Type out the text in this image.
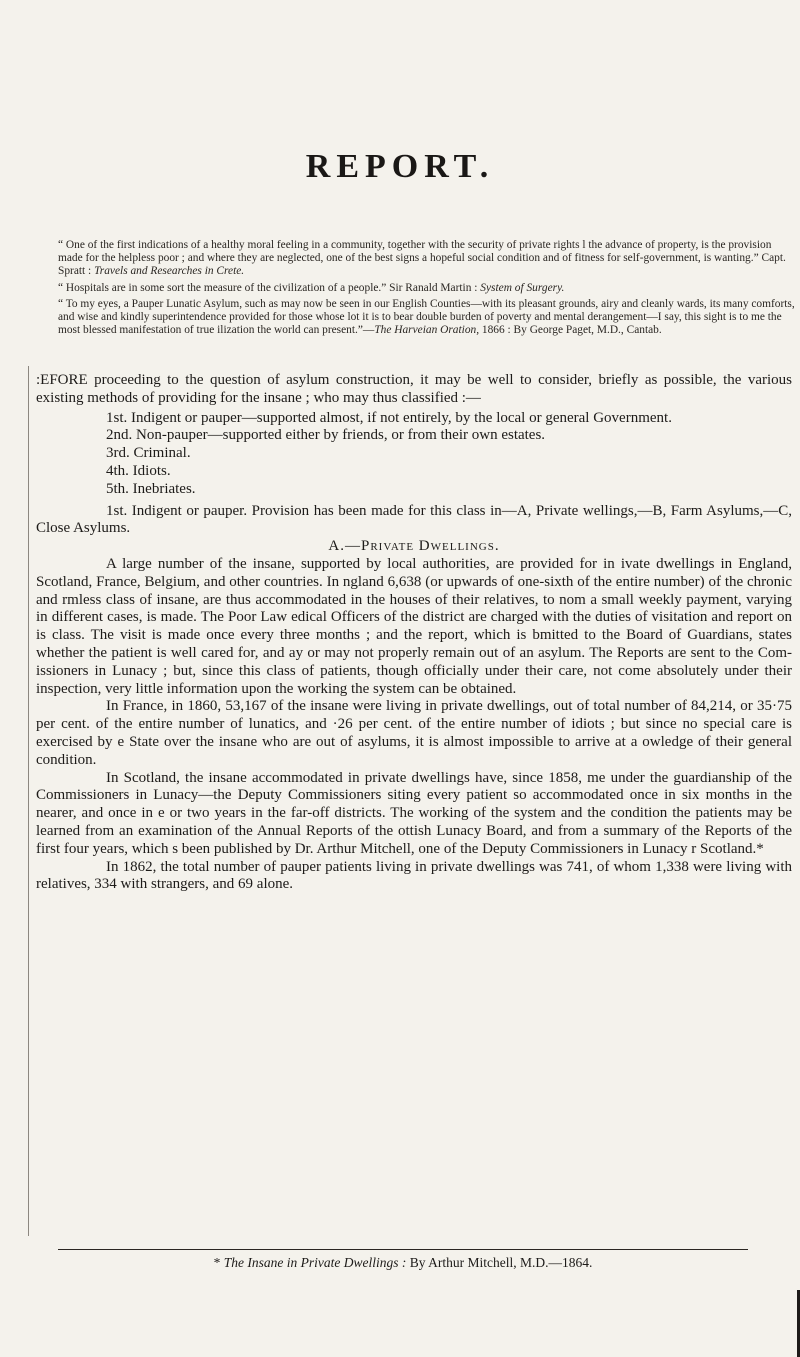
REPORT.

“ One of the first indications of a healthy moral feeling in a community, together with the security of private rights l the advance of property, is the provision made for the helpless poor ; and where they are neglected, one of the best signs a hopeful social condition and of fitness for self-government, is wanting.” Capt. Spratt : Travels and Researches in Crete.

“ Hospitals are in some sort the measure of the civilization of a people.” Sir Ranald Martin : System of Surgery.

“ To my eyes, a Pauper Lunatic Asylum, such as may now be seen in our English Counties—with its pleasant grounds, airy and cleanly wards, its many comforts, and wise and kindly superintendence provided for those whose lot it is to bear double burden of poverty and mental derangement—I say, this sight is to me the most blessed manifestation of true ilization the world can present.”—The Harveian Oration, 1866 : By George Paget, M.D., Cantab.

:EFORE proceeding to the question of asylum construction, it may be well to consider, briefly as possible, the various existing methods of providing for the insane ; who may thus classified :—

1st. Indigent or pauper—supported almost, if not entirely, by the local or general Government.
2nd. Non-pauper—supported either by friends, or from their own estates.
3rd. Criminal.
4th. Idiots.
5th. Inebriates.

1st. Indigent or pauper. Provision has been made for this class in—A, Private wellings,—B, Farm Asylums,—C, Close Asylums.

A.—Private Dwellings.

A large number of the insane, supported by local authorities, are provided for in ivate dwellings in England, Scotland, France, Belgium, and other countries. In ngland 6,638 (or upwards of one-sixth of the entire number) of the chronic and rmless class of insane, are thus accommodated in the houses of their relatives, to nom a small weekly payment, varying in different cases, is made. The Poor Law edical Officers of the district are charged with the duties of visitation and report on is class. The visit is made once every three months ; and the report, which is bmitted to the Board of Guardians, states whether the patient is well cared for, and ay or may not properly remain out of an asylum. The Reports are sent to the Com- issioners in Lunacy ; but, since this class of patients, though officially under their care, not come absolutely under their inspection, very little information upon the working the system can be obtained.

In France, in 1860, 53,167 of the insane were living in private dwellings, out of total number of 84,214, or 35·75 per cent. of the entire number of lunatics, and ·26 per cent. of the entire number of idiots ; but since no special care is exercised by e State over the insane who are out of asylums, it is almost impossible to arrive at a owledge of their general condition.

In Scotland, the insane accommodated in private dwellings have, since 1858, me under the guardianship of the Commissioners in Lunacy—the Deputy Commissioners siting every patient so accommodated once in six months in the nearer, and once in e or two years in the far-off districts. The working of the system and the condition the patients may be learned from an examination of the Annual Reports of the ottish Lunacy Board, and from a summary of the Reports of the first four years, which s been published by Dr. Arthur Mitchell, one of the Deputy Commissioners in Lunacy r Scotland.*

In 1862, the total number of pauper patients living in private dwellings was 741, of whom 1,338 were living with relatives, 334 with strangers, and 69 alone.

* The Insane in Private Dwellings : By Arthur Mitchell, M.D.—1864.
